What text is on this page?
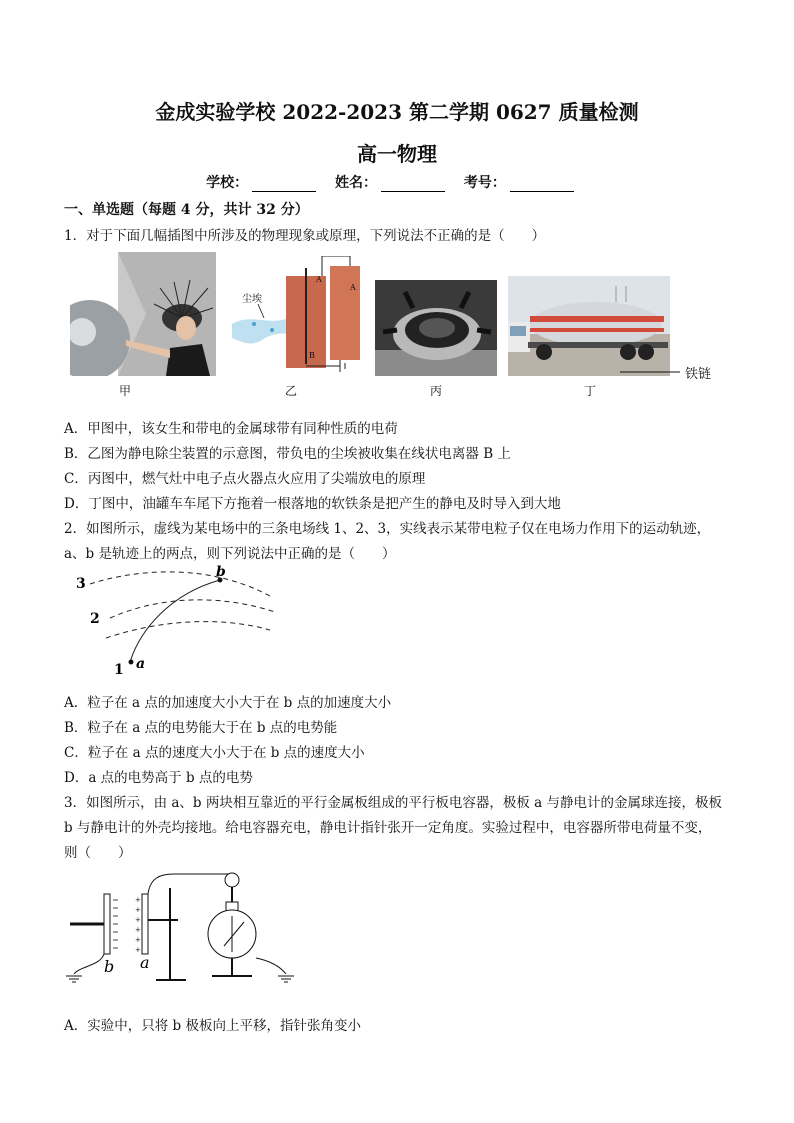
金成实验学校 2022-2023 第二学期 0627 质量检测
高一物理
学校：	姓名：	考号：
一、单选题（每题 4 分，共计 32 分）
1．对于下面几幅插图中所涉及的物理现象或原理，下列说法不正确的是（　　）
甲
A
A
B
尘埃
乙	丙
铁链
丁
A．甲图中，该女生和带电的金属球带有同种性质的电荷
B．乙图为静电除尘装置的示意图，带负电的尘埃被收集在线状电离器 B 上
C．丙图中，燃气灶中电子点火器点火应用了尖端放电的原理
D．丁图中，油罐车车尾下方拖着一根落地的软铁条是把产生的静电及时导入到大地
2．如图所示，虚线为某电场中的三条电场线 1、2、3，实线表示某带电粒子仅在电场力作用下的运动轨迹，
a、b 是轨迹上的两点，则下列说法中正确的是（　　）
3
2
1 a
b
A．粒子在 a 点的加速度大小大于在 b 点的加速度大小
B．粒子在 a 点的电势能大于在 b 点的电势能
C．粒子在 a 点的速度大小大于在 b 点的速度大小
D．a 点的电势高于 b 点的电势
3．如图所示，由 a、b 两块相互靠近的平行金属板组成的平行板电容器，极板 a 与静电计的金属球连接，极板
b 与静电计的外壳均接地。给电容器充电，静电计指针张开一定角度。实验过程中，电容器所带电荷量不变，
则（　　）
+
+
+
+
+
+
b a
A．实验中，只将 b 极板向上平移，指针张角变小
